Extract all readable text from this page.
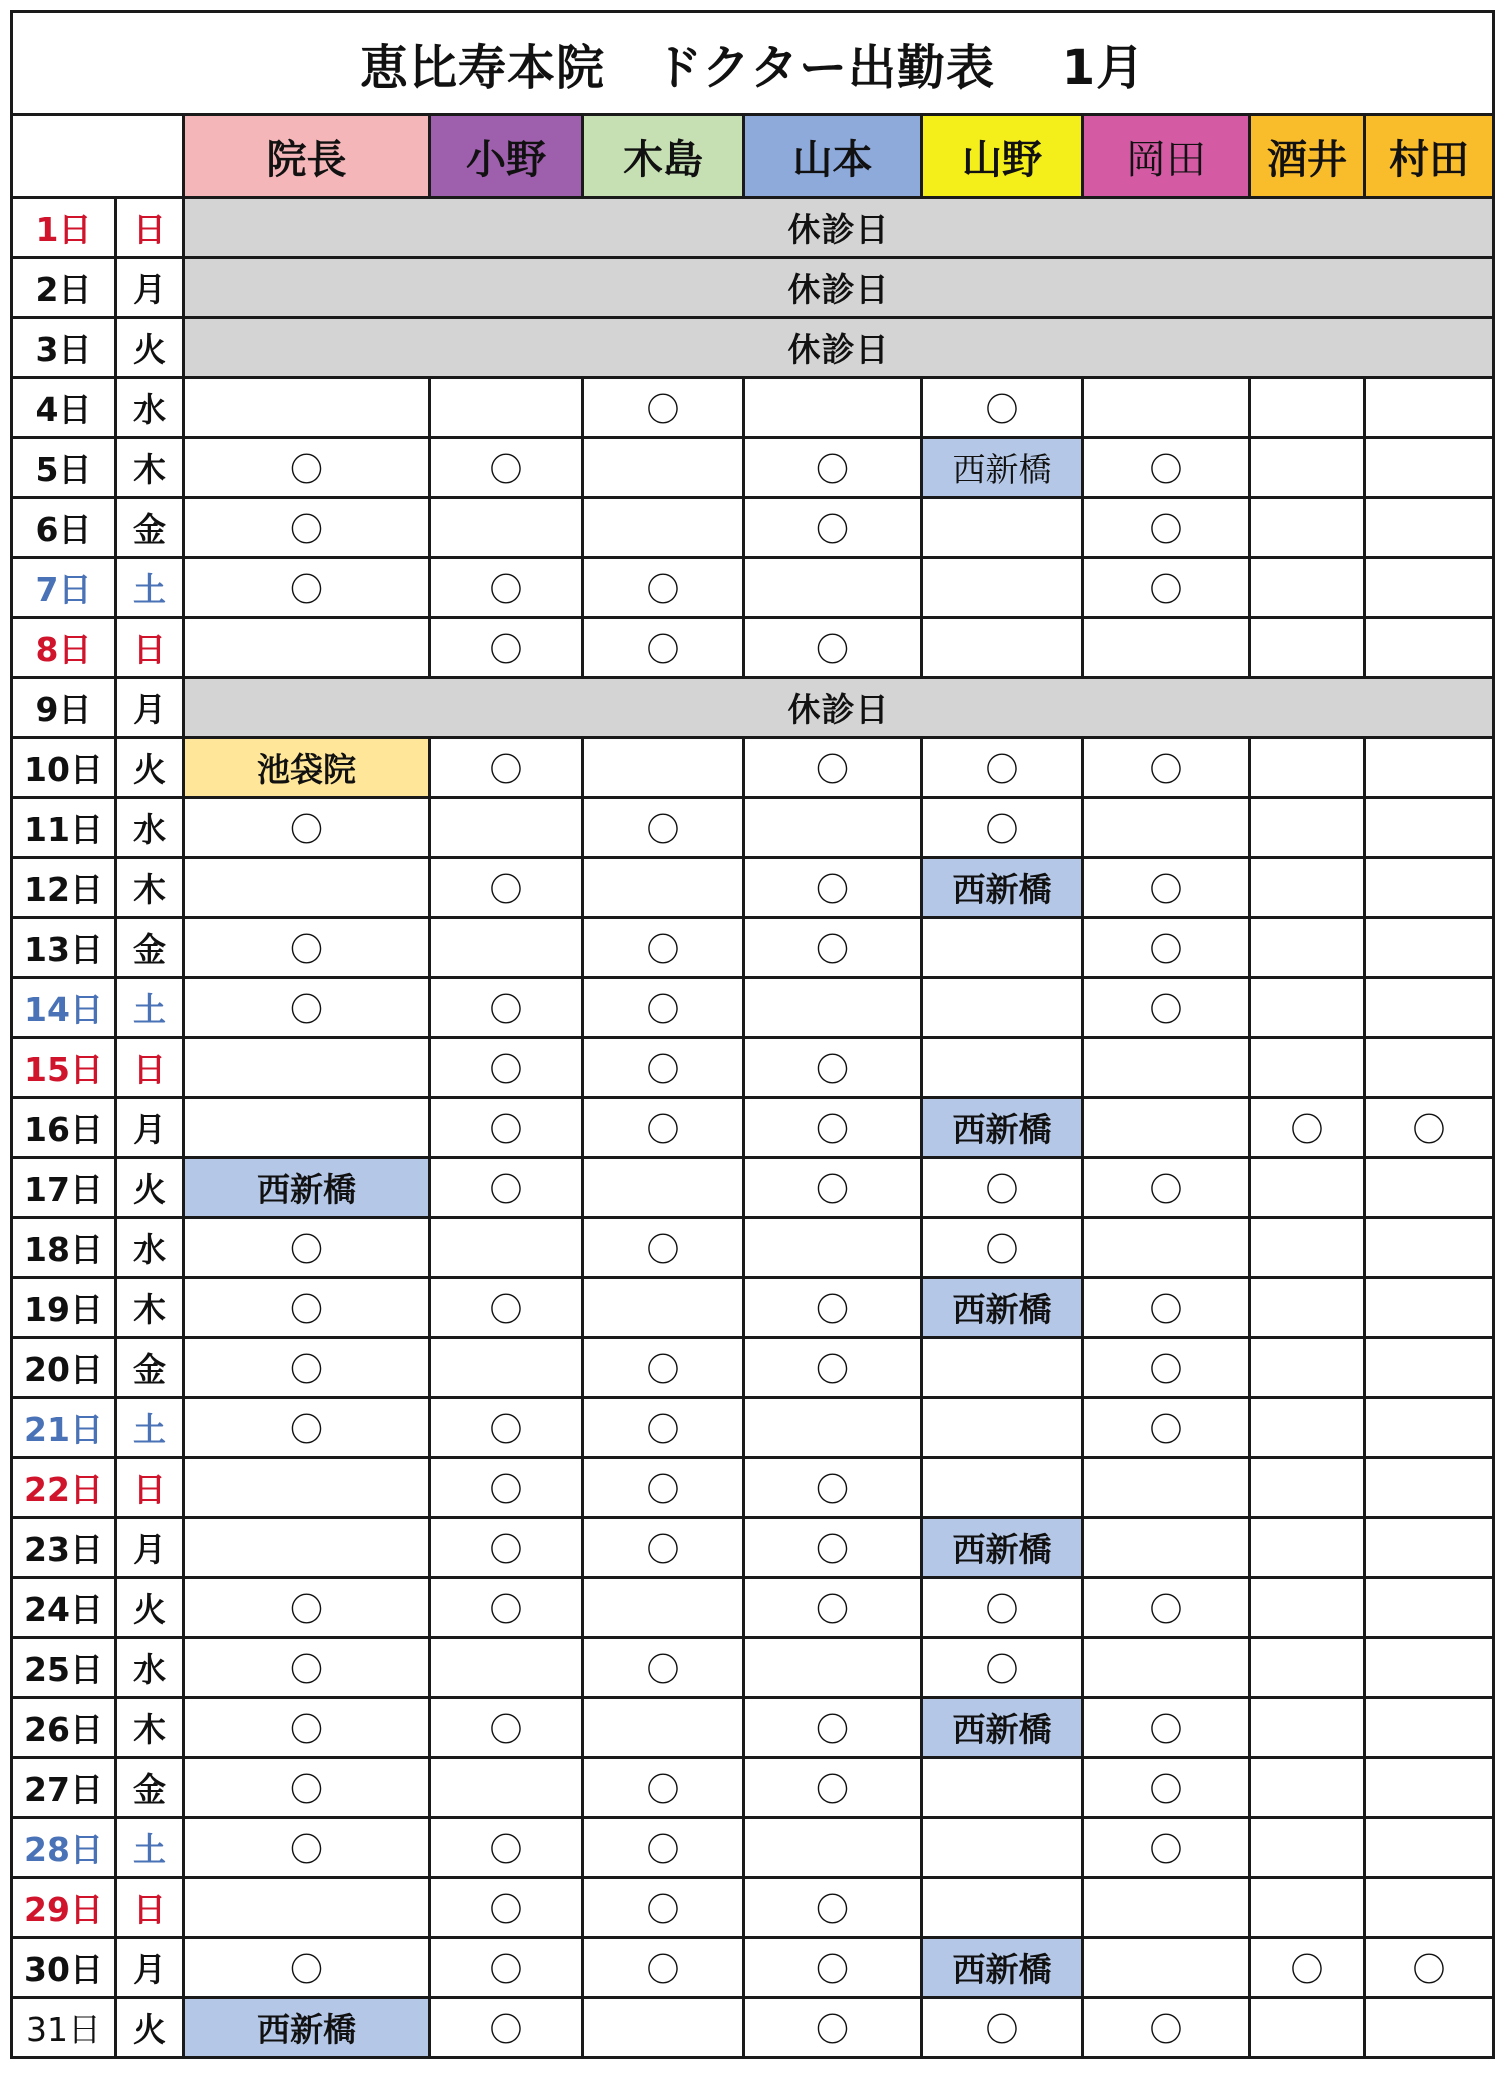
恵比寿本院　ドクター出勤表　 1月									
		院長	小野	木島	山本	山野	岡田	酒井	村田
1日	日	休診日							
2日	月	休診日							
3日	火	休診日							
4日	水			〇		〇			
5日	木	〇	〇		〇	西新橋	〇		
6日	金	〇			〇		〇		
7日	土	〇	〇	〇			〇		
8日	日		〇	〇	〇				
9日	月	休診日							
10日	火	池袋院	〇		〇	〇	〇		
11日	水	〇		〇		〇			
12日	木		〇		〇	西新橋	〇		
13日	金	〇		〇	〇		〇		
14日	土	〇	〇	〇			〇		
15日	日		〇	〇	〇				
16日	月		〇	〇	〇	西新橋		〇	〇
17日	火	西新橋	〇		〇	〇	〇		
18日	水	〇		〇		〇			
19日	木	〇	〇		〇	西新橋	〇		
20日	金	〇		〇	〇		〇		
21日	土	〇	〇	〇			〇		
22日	日		〇	〇	〇				
23日	月		〇	〇	〇	西新橋			
24日	火	〇	〇		〇	〇	〇		
25日	水	〇		〇		〇			
26日	木	〇	〇		〇	西新橋	〇		
27日	金	〇		〇	〇		〇		
28日	土	〇	〇	〇			〇		
29日	日		〇	〇	〇				
30日	月	〇	〇	〇	〇	西新橋		〇	〇
31日	火	西新橋	〇		〇	〇	〇		
